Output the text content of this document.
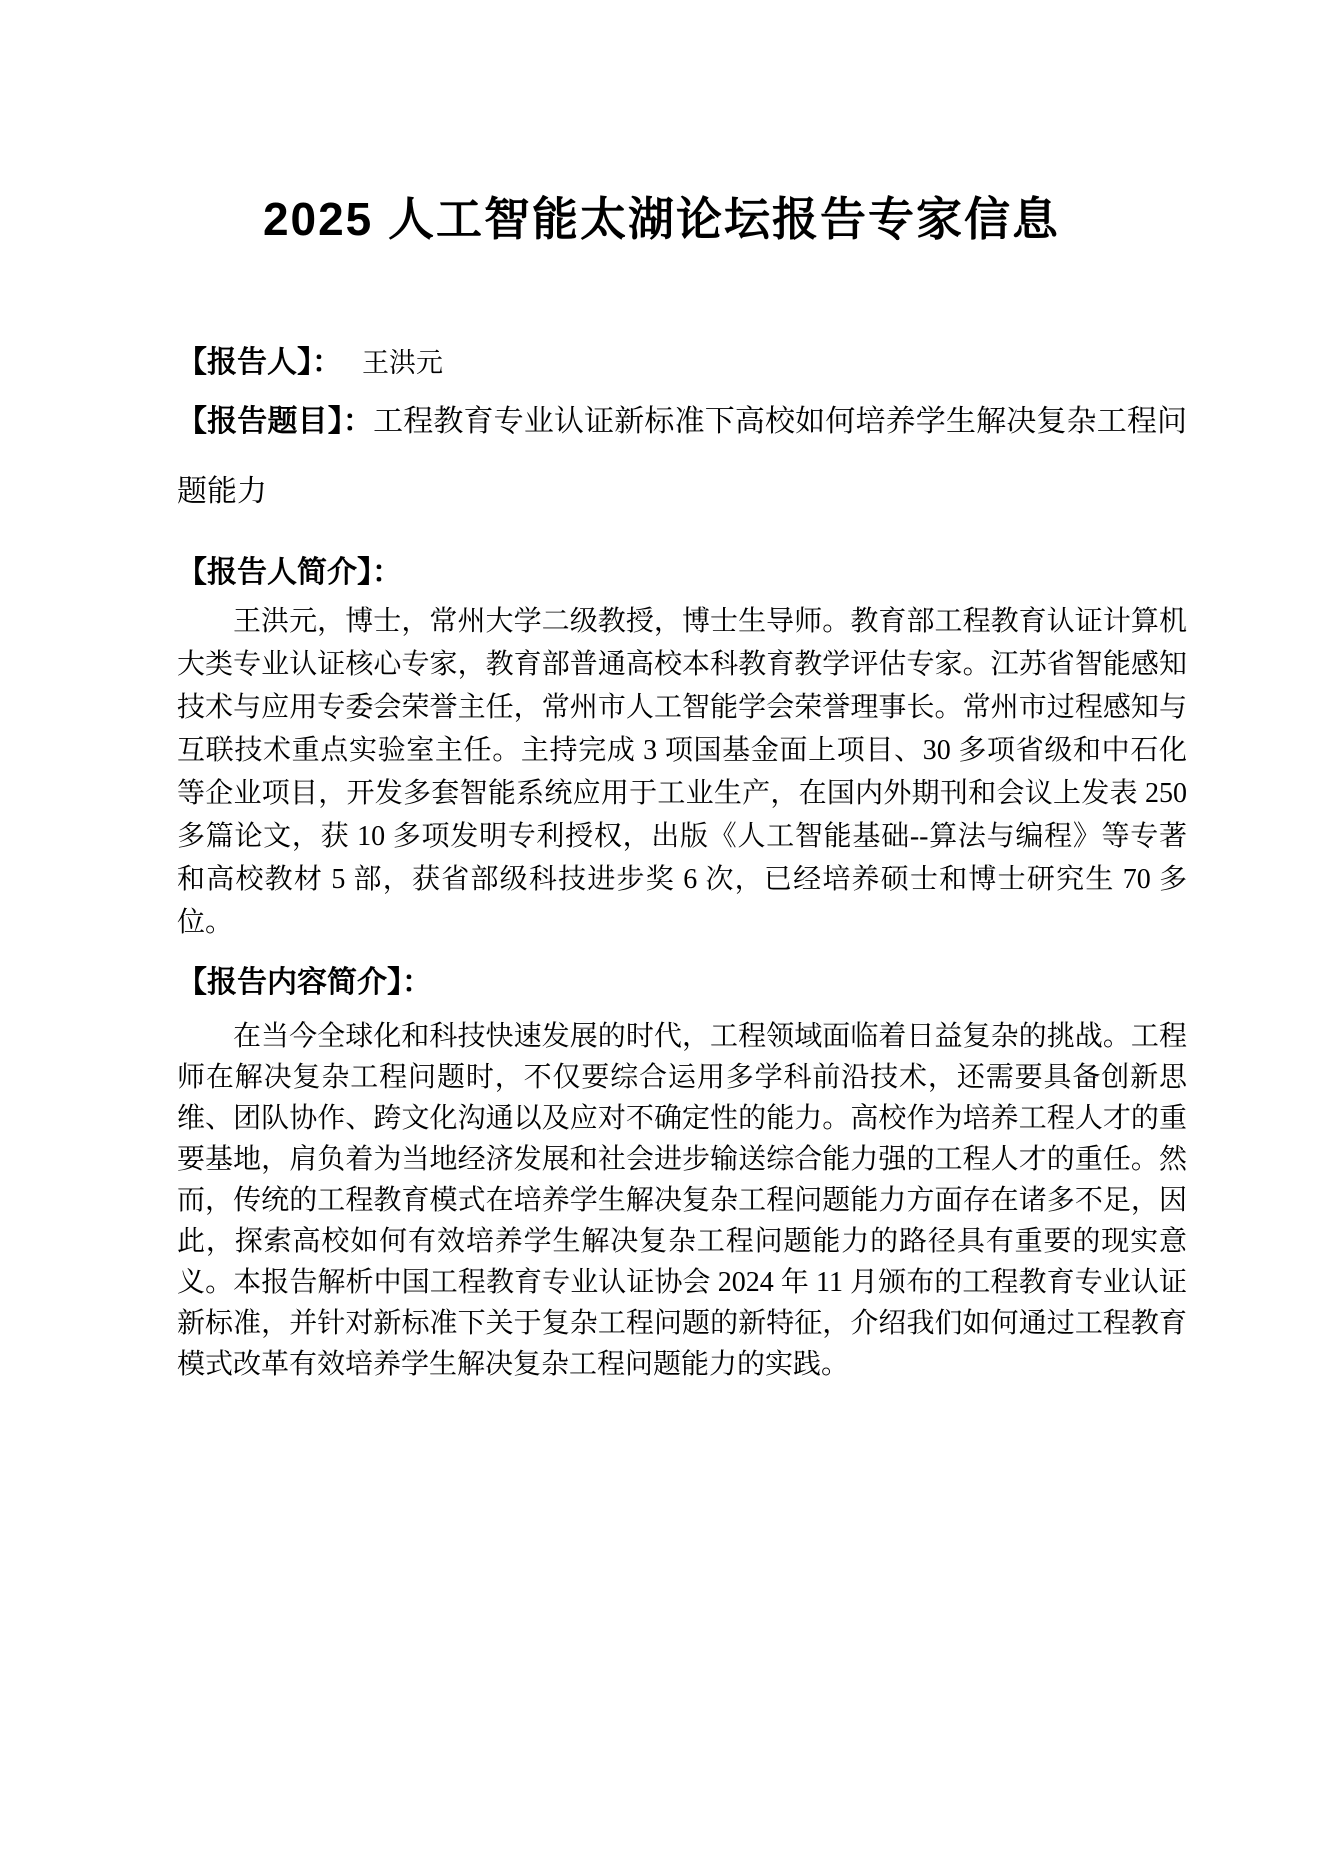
2025 人工智能太湖论坛报告专家信息

【报告人】： 王洪元

【报告题目】：工程教育专业认证新标准下高校如何培养学生解决复杂工程问题能力

【报告人简介】：

王洪元，博士，常州大学二级教授，博士生导师。教育部工程教育认证计算机大类专业认证核心专家，教育部普通高校本科教育教学评估专家。江苏省智能感知技术与应用专委会荣誉主任，常州市人工智能学会荣誉理事长。常州市过程感知与互联技术重点实验室主任。主持完成 3 项国基金面上项目、30 多项省级和中石化等企业项目，开发多套智能系统应用于工业生产，在国内外期刊和会议上发表 250 多篇论文，获 10 多项发明专利授权，出版《人工智能基础--算法与编程》等专著和高校教材 5 部，获省部级科技进步奖 6 次，已经培养硕士和博士研究生 70 多位。

【报告内容简介】：

在当今全球化和科技快速发展的时代，工程领域面临着日益复杂的挑战。工程师在解决复杂工程问题时，不仅要综合运用多学科前沿技术，还需要具备创新思维、团队协作、跨文化沟通以及应对不确定性的能力。高校作为培养工程人才的重要基地，肩负着为当地经济发展和社会进步输送综合能力强的工程人才的重任。然而，传统的工程教育模式在培养学生解决复杂工程问题能力方面存在诸多不足，因此，探索高校如何有效培养学生解决复杂工程问题能力的路径具有重要的现实意义。本报告解析中国工程教育专业认证协会 2024 年 11 月颁布的工程教育专业认证新标准，并针对新标准下关于复杂工程问题的新特征，介绍我们如何通过工程教育模式改革有效培养学生解决复杂工程问题能力的实践。
